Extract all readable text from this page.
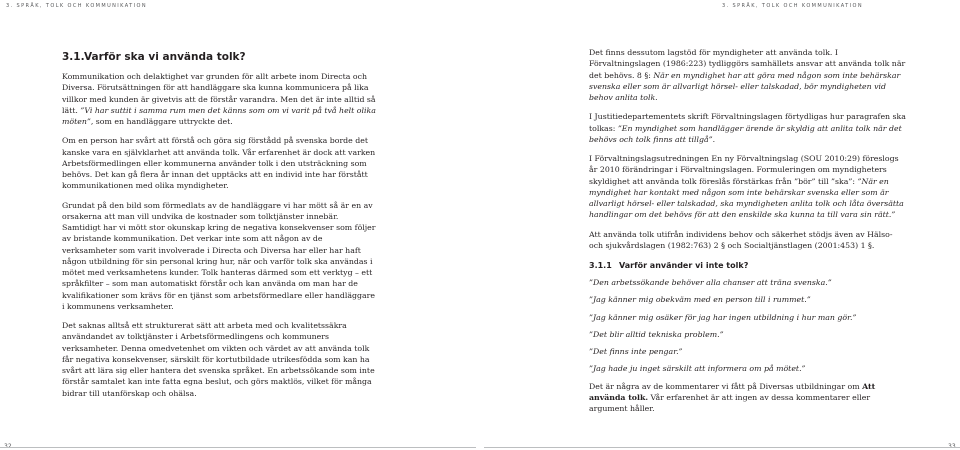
3. SPRÅK, TOLK OCH KOMMUNIKATION	3. SPRÅK, TOLK OCH KOMMUNIKATION
3.1.Varför ska vi använda tolk?

Kommunikation och delaktighet var grunden för allt arbete inom Directa och Diversa. Förutsättningen för att handläggare ska kunna kommunicera på lika villkor med kunden är givetvis att de förstår varandra. Men det är inte alltid så lätt. ”Vi har suttit i samma rum men det känns som om vi varit på två helt olika möten”, som en handläggare uttryckte det.

Om en person har svårt att förstå och göra sig förstådd på svenska borde det kanske vara en självklarhet att använda tolk. Vår erfarenhet är dock att varken Arbetsförmedlingen eller kommunerna använder tolk i den utsträckning som behövs. Det kan gå flera år innan det upptäcks att en individ inte har förstått kommunikationen med olika myndigheter.

Grundat på den bild som förmedlats av de handläggare vi har mött så är en av orsakerna att man vill undvika de kostnader som tolktjänster innebär. Samtidigt har vi mött stor okunskap kring de negativa konsekvenser som följer av bristande kommunikation. Det verkar inte som att någon av de verksamheter som varit involverade i Directa och Diversa har eller har haft någon utbildning för sin personal kring hur, när och varför tolk ska användas i mötet med verksamhetens kunder. Tolk hanteras därmed som ett verktyg – ett språkfilter – som man automatiskt förstår och kan använda om man har de kvalifikationer som krävs för en tjänst som arbetsförmedlare eller handläggare i kommunens verksamheter.

Det saknas alltså ett strukturerat sätt att arbeta med och kvalitetssäkra användandet av tolktjänster i Arbetsförmedlingens och kommuners verksamheter. Denna omedvetenhet om vikten och värdet av att använda tolk får negativa konsekvenser, särskilt för kortutbildade utrikesfödda som kan ha svårt att lära sig eller hantera det svenska språket. En arbetssökande som inte förstår samtalet kan inte fatta egna beslut, och görs maktlös, vilket för många bidrar till utanförskap och ohälsa.

Det finns dessutom lagstöd för myndigheter att använda tolk. I Förvaltningslagen (1986:223) tydliggörs samhällets ansvar att använda tolk när det behövs. 8 §: När en myndighet har att göra med någon som inte behärskar svenska eller som är allvarligt hörsel- eller talskadad, bör myndigheten vid behov anlita tolk.

I Justitiedepartementets skrift Förvaltningslagen förtydligas hur paragrafen ska tolkas: ”En myndighet som handlägger ärende är skyldig att anlita tolk när det behövs och tolk finns att tillgå”.

I Förvaltningslagsutredningen En ny Förvaltningslag (SOU 2010:29) föreslogs år 2010 förändringar i Förvaltningslagen. Formuleringen om myndigheters skyldighet att använda tolk föreslås förstärkas från ”bör” till ”ska”: ”När en myndighet har kontakt med någon som inte behärskar svenska eller som är allvarligt hörsel- eller talskadad, ska myndigheten anlita tolk och låta översätta handlingar om det behövs för att den enskilde ska kunna ta till vara sin rätt.”

Att använda tolk utifrån individens behov och säkerhet stödjs även av Hälso- och sjukvårdslagen (1982:763) 2 § och Socialtjänstlagen (2001:453) 1 §.

3.1.1 Varför använder vi inte tolk?

”Den arbetssökande behöver alla chanser att träna svenska.”

”Jag känner mig obekväm med en person till i rummet.”

”Jag känner mig osäker för jag har ingen utbildning i hur man gör.”

”Det blir alltid tekniska problem.”

”Det finns inte pengar.”

”Jag hade ju inget särskilt att informera om på mötet.”

Det är några av de kommentarer vi fått på Diversas utbildningar om Att använda tolk. Vår erfarenhet är att ingen av dessa kommentarer eller argument håller.
